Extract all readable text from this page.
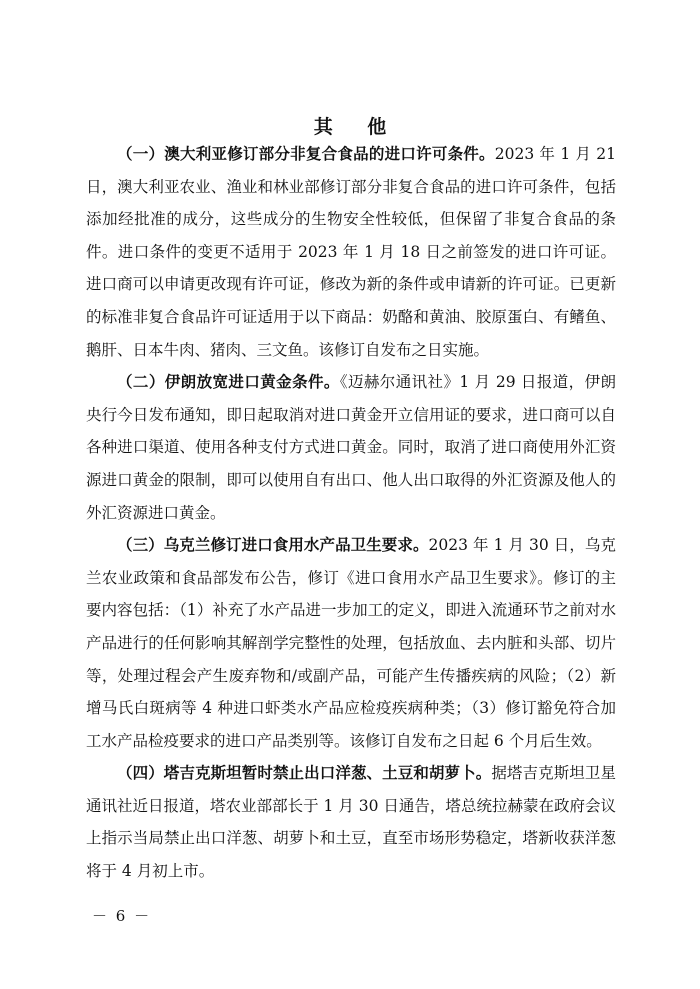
其 他

（一）澳大利亚修订部分非复合食品的进口许可条件。2023 年 1 月 21 日，澳大利亚农业、渔业和林业部修订部分非复合食品的进口许可条件，包括添加经批准的成分，这些成分的生物安全性较低，但保留了非复合食品的条件。进口条件的变更不适用于 2023 年 1 月 18 日之前签发的进口许可证。进口商可以申请更改现有许可证，修改为新的条件或申请新的许可证。已更新的标准非复合食品许可证适用于以下商品：奶酪和黄油、胶原蛋白、有鳍鱼、鹅肝、日本牛肉、猪肉、三文鱼。该修订自发布之日实施。

（二）伊朗放宽进口黄金条件。《迈赫尔通讯社》1 月 29 日报道，伊朗央行今日发布通知，即日起取消对进口黄金开立信用证的要求，进口商可以自各种进口渠道、使用各种支付方式进口黄金。同时，取消了进口商使用外汇资源进口黄金的限制，即可以使用自有出口、他人出口取得的外汇资源及他人的外汇资源进口黄金。

（三）乌克兰修订进口食用水产品卫生要求。2023 年 1 月 30 日，乌克兰农业政策和食品部发布公告，修订《进口食用水产品卫生要求》。修订的主要内容包括：（1）补充了水产品进一步加工的定义，即进入流通环节之前对水产品进行的任何影响其解剖学完整性的处理，包括放血、去内脏和头部、切片等，处理过程会产生废弃物和/或副产品，可能产生传播疾病的风险；（2）新增马氏白斑病等 4 种进口虾类水产品应检疫疾病种类；（3）修订豁免符合加工水产品检疫要求的进口产品类别等。该修订自发布之日起 6 个月后生效。

（四）塔吉克斯坦暂时禁止出口洋葱、土豆和胡萝卜。据塔吉克斯坦卫星通讯社近日报道，塔农业部部长于 1 月 30 日通告，塔总统拉赫蒙在政府会议上指示当局禁止出口洋葱、胡萝卜和土豆，直至市场形势稳定，塔新收获洋葱将于 4 月初上市。

－ 6 －
